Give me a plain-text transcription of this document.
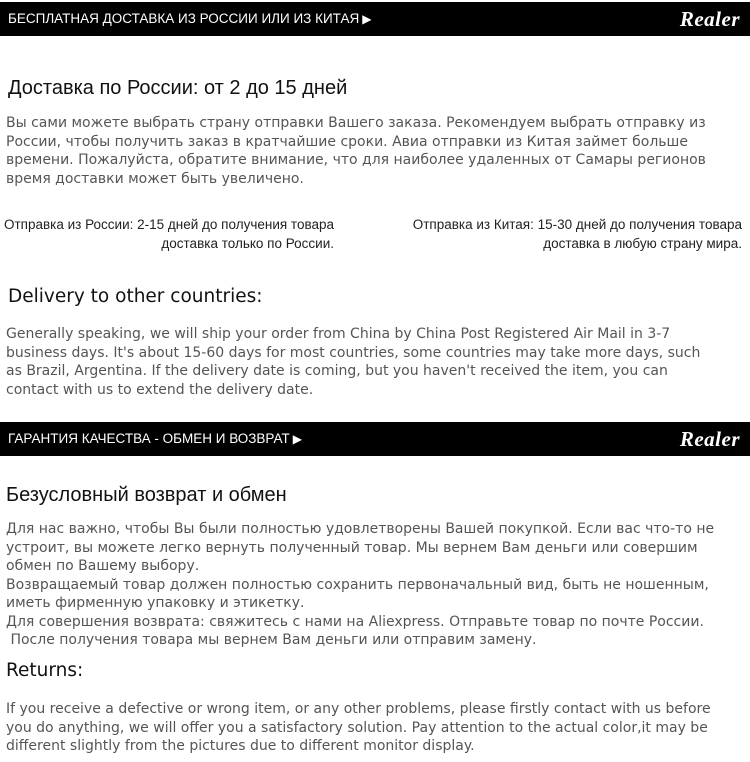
БЕСПЛАТНАЯ ДОСТАВКА ИЗ РОССИИ ИЛИ ИЗ КИТАЯ ▶	Realer
Доставка по России: от 2 до 15 дней
Вы сами можете выбрать страну отправки Вашего заказа. Рекомендуем выбрать отправку из
России, чтобы получить заказ в кратчайшие сроки. Авиа отправки из Китая займет больше
времени. Пожалуйста, обратите внимание, что для наиболее удаленных от Самары регионов
время доставки может быть увеличено.
Отправка из России: 2-15 дней до получения товара
доставка только по России.
Отправка из Китая: 15-30 дней до получения товара
доставка в любую страну мира.
Delivery to other countries:
Generally speaking, we will ship your order from China by China Post Registered Air Mail in 3-7
business days. It's about 15-60 days for most countries, some countries may take more days, such
as Brazil, Argentina. If the delivery date is coming, but you haven't received the item, you can
contact with us to extend the delivery date.
ГАРАНТИЯ КАЧЕСТВА - ОБМЕН И ВОЗВРАТ ▶	Realer
Безусловный возврат и обмен
Для нас важно, чтобы Вы были полностью удовлетворены Вашей покупкой. Если вас что-то не
устроит, вы можете легко вернуть полученный товар. Мы вернем Вам деньги или совершим
обмен по Вашему выбору.
Возвращаемый товар должен полностью сохранить первоначальный вид, быть не ношенным,
иметь фирменную упаковку и этикетку.
Для совершения возврата: свяжитесь с нами на Aliexpress. Отправьте товар по почте России.
После получения товара мы вернем Вам деньги или отправим замену.
Returns:
If you receive a defective or wrong item, or any other problems, please firstly contact with us before
you do anything, we will offer you a satisfactory solution. Pay attention to the actual color,it may be
different slightly from the pictures due to different monitor display.
